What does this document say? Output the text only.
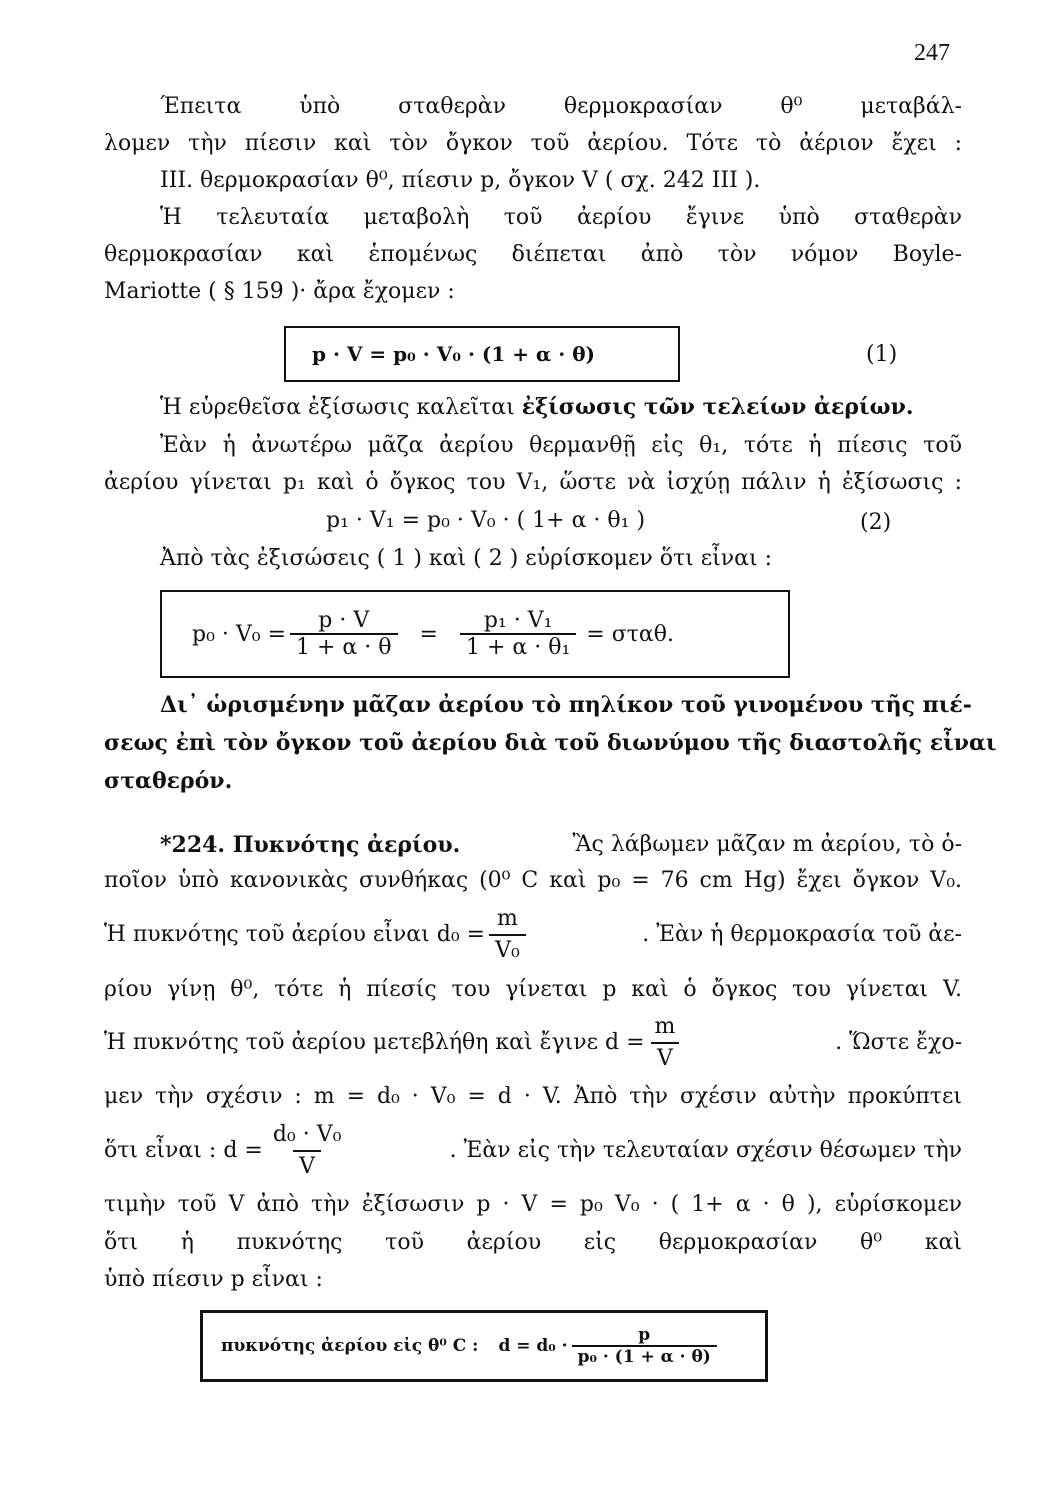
247
Έπειτα ὑπὸ σταθερὰν θερμοκρασίαν θ⁰ μεταβάλ-
λομεν τὴν πίεσιν καὶ τὸν ὄγκον τοῦ ἀερίου. Τότε τὸ ἀέριον ἔχει :
III. θερμοκρασίαν θ⁰, πίεσιν p, ὄγκον V ( σχ. 242 III ).
Ἡ τελευταία μεταβολὴ τοῦ ἀερίου ἔγινε ὑπὸ σταθερὰν
θερμοκρασίαν καὶ ἑπομένως διέπεται ἀπὸ τὸν νόμον Boyle-
Mariotte ( § 159 )· ἄρα ἔχομεν :
p · V = p₀ · V₀ · (1 + α · θ)	(1)
Ἡ εὑρεθεῖσα ἐξίσωσις καλεῖται ἐξίσωσις τῶν τελείων ἀερίων.
Ἐὰν ἡ ἀνωτέρω μᾶζα ἀερίου θερμανθῇ εἰς θ₁, τότε ἡ πίεσις τοῦ
ἀερίου γίνεται p₁ καὶ ὁ ὄγκος του V₁, ὥστε νὰ ἰσχύῃ πάλιν ἡ ἐξίσωσις :
p₁ · V₁ = p₀ · V₀ · ( 1+ α · θ₁ )	(2)
Ἀπὸ τὰς ἐξισώσεις ( 1 ) καὶ ( 2 ) εὑρίσκομεν ὅτι εἶναι :
$p_0 \cdot V_0 = \frac{p \cdot V}{1 + \alpha \cdot \theta} = \frac{\text{p₁ · V₁}}{\text{1 + α · θ₁}} = \sigma\tau\alpha\theta$.
Δι᾽ ὡρισμένην μᾶζαν ἀερίου τὸ πηλίκον τοῦ γινομένου τῆς πιέ-
σεως ἐπὶ τὸν ὄγκον τοῦ ἀερίου διὰ τοῦ διωνύμου τῆς διαστολῆς εἶναι
σταθερόν.
*224. Πυκνότης ἀερίου.	Ἂς λάβωμεν μᾶζαν m ἀερίου, τὸ ὁ-
ποῖον ὑπὸ κανονικὰς συνθήκας (0⁰ C καὶ p₀ = 76 cm Hg) ἔχει ὄγκον V₀.
Ἡ πυκνότης τοῦ ἀερίου εἶναι $d_0 = \frac{m}{\text{V₀}}$	. Ἐὰν ἡ θερμοκρασία τοῦ ἀε-
ρίου γίνῃ θ⁰, τότε ἡ πίεσίς του γίνεται p καὶ ὁ ὄγκος του γίνεται V.
Ἡ πυκνότης τοῦ ἀερίου μετεβλήθη καὶ ἔγινε $d = \frac{m}{V}$	. Ὥστε ἔχο-
μεν τὴν σχέσιν : m = d₀ · V₀ = d · V. Ἀπὸ τὴν σχέσιν αὐτὴν προκύπτει
ὅτι εἶναι : $d = \frac{\text{d₀ · V₀}}{V}$	. Ἐὰν εἰς τὴν τελευταίαν σχέσιν θέσωμεν τὴν
τιμὴν τοῦ V ἀπὸ τὴν ἐξίσωσιν p · V = p₀ V₀ · ( 1+ α · θ ), εὑρίσκομεν
ὅτι ἡ πυκνότης τοῦ ἀερίου εἰς θερμοκρασίαν θ⁰ καὶ
ὑπὸ πίεσιν p εἶναι :
πυκνότης ἀερίου εἰς θ⁰ C : $d = d_0 \cdot \frac{p}{\text{p₀ · (1 + α · θ)}}$
